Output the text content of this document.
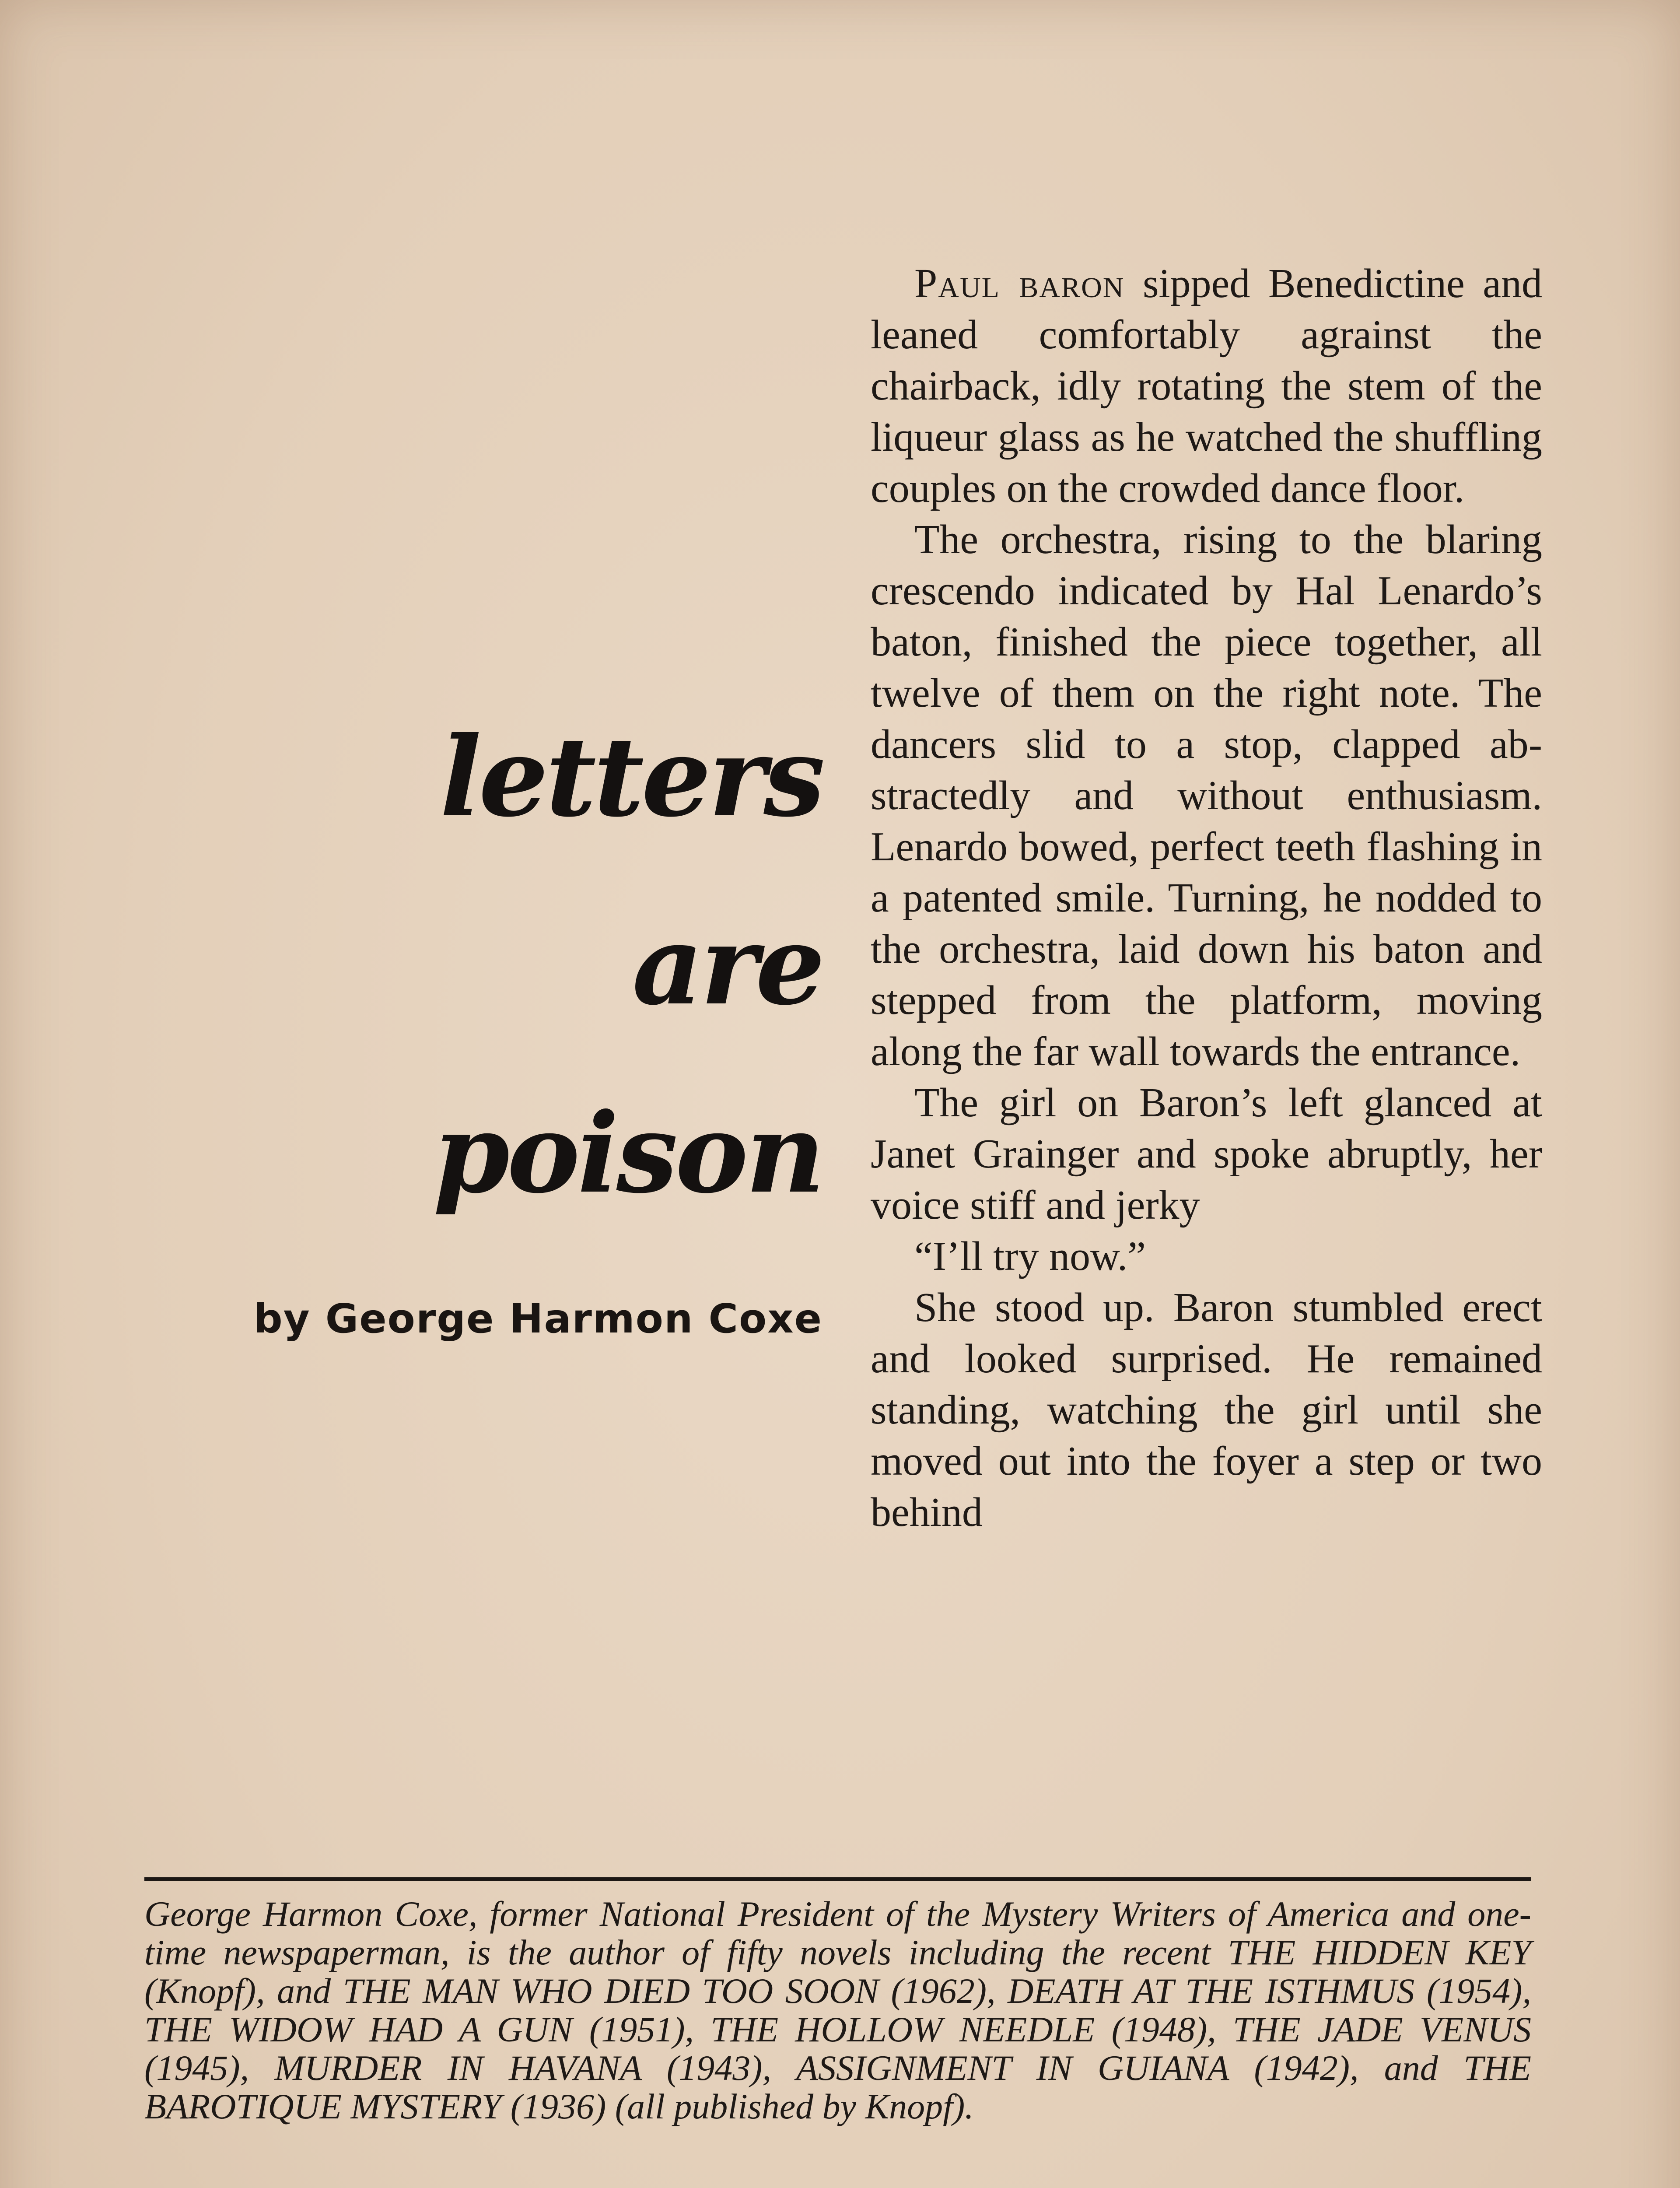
letters
are
poison
by George Harmon Coxe

Paul baron sipped Benedictine and leaned comfortably agrainst the chairback, idly rotating the stem of the liqueur glass as he watched the shuffling couples on the crowded dance floor.

The orchestra, rising to the blaring crescendo indicated by Hal Lenardo’s baton, finished the piece together, all twelve of them on the right note. The dancers slid to a stop, clapped abstractedly and without enthusiasm. Lenardo bowed, perfect teeth flashing in a patented smile. Turning, he nodded to the orchestra, laid down his baton and stepped from the platform, moving along the far wall towards the entrance.

The girl on Baron’s left glanced at Janet Grainger and spoke abruptly, her voice stiff and jerky

“I’ll try now.”

She stood up. Baron stumbled erect and looked surprised. He remained standing, watching the girl until she moved out into the foyer a step or two behind

George Harmon Coxe, former National President of the Mystery Writers of America and one-time newspaperman, is the author of fifty novels including the recent THE HIDDEN KEY (Knopf), and THE MAN WHO DIED TOO SOON (1962), DEATH AT THE ISTHMUS (1954), THE WIDOW HAD A GUN (1951), THE HOLLOW NEEDLE (1948), THE JADE VENUS (1945), MURDER IN HAVANA (1943), ASSIGNMENT IN GUIANA (1942), and THE BAROTIQUE MYSTERY (1936) (all published by Knopf).
